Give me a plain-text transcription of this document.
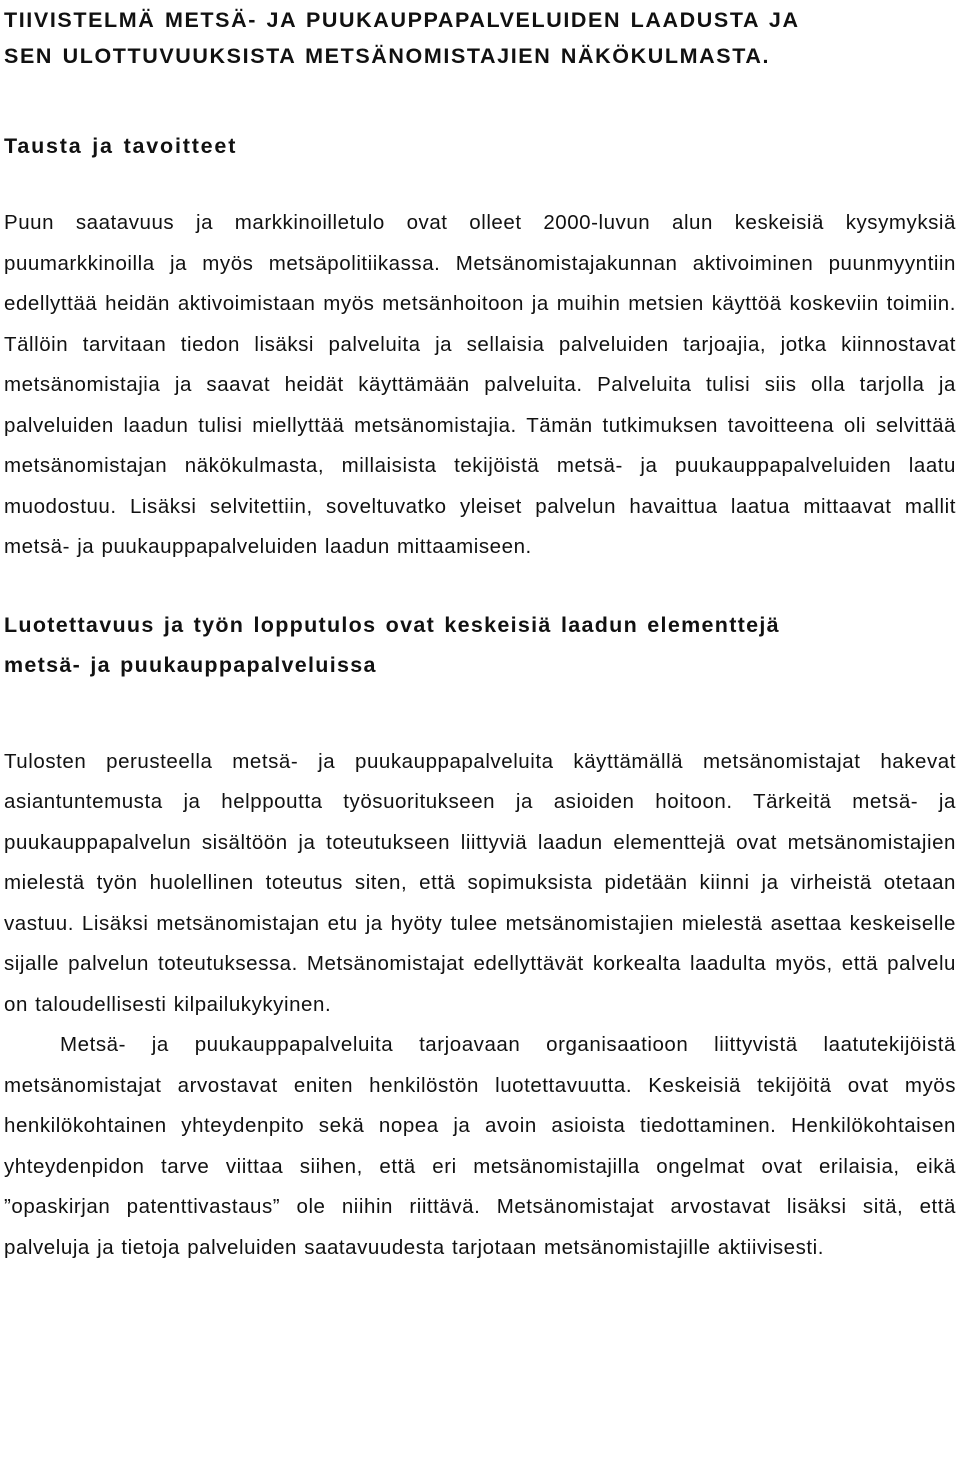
TIIVISTELMÄ METSÄ- JA PUUKAUPPAPALVELUIDEN LAADUSTA JA
SEN ULOTTUVUUKSISTA METSÄNOMISTAJIEN NÄKÖKULMASTA.
Tausta ja tavoitteet

Puun saatavuus ja markkinoilletulo ovat olleet 2000-luvun alun keskeisiä kysymyksiä puumarkkinoilla ja myös metsäpolitiikassa. Metsänomistajakunnan aktivoiminen puunmyyntiin edellyttää heidän aktivoimistaan myös metsänhoitoon ja muihin metsien käyttöä koskeviin toimiin. Tällöin tarvitaan tiedon lisäksi palveluita ja sellaisia palveluiden tarjoajia, jotka kiinnostavat metsänomistajia ja saavat heidät käyttämään palveluita. Palveluita tulisi siis olla tarjolla ja palveluiden laadun tulisi miellyttää metsänomistajia. Tämän tutkimuksen tavoitteena oli selvittää metsänomistajan näkökulmasta, millaisista tekijöistä metsä- ja puukauppapalveluiden laatu muodostuu. Lisäksi selvitettiin, soveltuvatko yleiset palvelun havaittua laatua mittaavat mallit metsä- ja puukauppapalveluiden laadun mittaamiseen.

Luotettavuus ja työn lopputulos ovat keskeisiä laadun elementtejä
metsä- ja puukauppapalveluissa

Tulosten perusteella metsä- ja puukauppapalveluita käyttämällä metsänomistajat hakevat asiantuntemusta ja helppoutta työsuoritukseen ja asioiden hoitoon. Tärkeitä metsä- ja puukauppapalvelun sisältöön ja toteutukseen liittyviä laadun elementtejä ovat metsänomistajien mielestä työn huolellinen toteutus siten, että sopimuksista pidetään kiinni ja virheistä otetaan vastuu. Lisäksi metsänomistajan etu ja hyöty tulee metsänomistajien mielestä asettaa keskeiselle sijalle palvelun toteutuksessa. Metsänomistajat edellyttävät korkealta laadulta myös, että palvelu on taloudellisesti kilpailukykyinen.

Metsä- ja puukauppapalveluita tarjoavaan organisaatioon liittyvistä laatutekijöistä metsänomistajat arvostavat eniten henkilöstön luotettavuutta. Keskeisiä tekijöitä ovat myös henkilökohtainen yhteydenpito sekä nopea ja avoin asioista tiedottaminen. Henkilökohtaisen yhteydenpidon tarve viittaa siihen, että eri metsänomistajilla ongelmat ovat erilaisia, eikä ”opaskirjan patenttivastaus” ole niihin riittävä. Metsänomistajat arvostavat lisäksi sitä, että palveluja ja tietoja palveluiden saatavuudesta tarjotaan metsänomistajille aktiivisesti.
